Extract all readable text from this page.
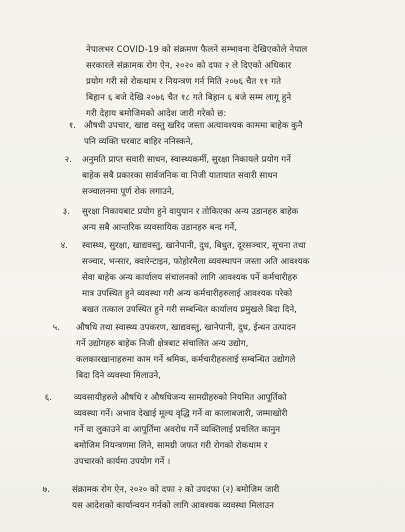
नेपालभर COVID-19 को संक्रमण फैलने सम्भावना देखिएकोले नेपाल
सरकारले संक्रामक रोग ऐन, २०२० को दफा २ ले दिएको अधिकार
प्रयोग गरी सो रोकथाम र नियन्त्रण गर्न मिति २०७६ चैत ११ गते
बिहान ६ बजे देखि २०७६ चैत १८ गते बिहान ६ बजे सम्म लागू हुने
गरी देहाय बमोजिमको आदेश जारी गरेको छ:
१. औषधी उपचार, खाद्य वस्तु खरिद जस्ता अत्यावश्यक काममा बाहेक कुनै
पनि व्यक्ति घरबाट बाहिर ननिस्कने,
२. अनुमति प्राप्त सवारी साधन, स्वास्थ्यकर्मी, सुरक्षा निकायले प्रयोग गर्ने
बाहेक सबै प्रकारका सार्वजनिक वा निजी यातायात सवारी साधन
सञ्चालनमा पूर्ण रोक लगाउने,
३. सुरक्षा निकायबाट प्रयोग हुने वायुयान र तोकिएका अन्य उडानहरु बाहेक
अन्य सबै आन्तरिक व्यवसायिक उडानहरु बन्द गर्ने,
४. स्वास्थ्य, सुरक्षा, खाद्यवस्तु, खानेपानी, दुध, बिधुत, दूरसञ्चार, सूचना तथा
सञ्चार, भन्सार, क्वारेन्टाइन, फोहोरमैला व्यवस्थापन जस्ता अति आवश्यक
सेवा बाहेक अन्य कार्यालय संचालनको लागि आवश्यक पर्ने कर्मचारीहरु
मात्र उपस्थित हुने व्यवस्था गरी अन्य कर्मचारीहरुलाई आवश्यक परेको
बखत तत्काल उपस्थित हुने गरी सम्बन्धित कार्यालय प्रमुखले बिदा दिने,
५. औषधि तथा स्वास्थ्य उपकरण, खाद्यवस्तु, खानेपानी, दुध, ईन्धन उत्पादन
गर्ने उद्योगहरु बाहेक निजी क्षेत्रबाट संचालित अन्य उद्योग,
कलकारखानाहरुमा काम गर्ने श्रमिक, कर्मचारीहरुलाई सम्बन्धित उद्योगले
बिदा दिने व्यवस्था मिलाउने,
६.	व्यवसायीहरुले औषधि र औषधिजन्य सामग्रीहरुको नियमित आपूर्तिको
व्यवस्था गर्ने। अभाव देखाई मूल्य वृद्धि गर्ने वा कालाबजारी, जम्माखोरी
गर्ने वा लुकाउने वा आपूर्तिमा अवरोध गर्ने व्यक्तिलाई प्रचलित कानुन
बमोजिम नियन्त्रणमा लिने, सामग्री जफत गरी रोगको रोकथाम र
उपचारको कार्यमा उपयोग गर्ने ।
७.	संक्रामक रोग ऐन, २०२० को दफा २ को उपदफा (२) बमोजिम जारी
यस आदेशको कार्यान्वयन गर्नको लागि आवश्यक व्यवस्था मिलाउन
